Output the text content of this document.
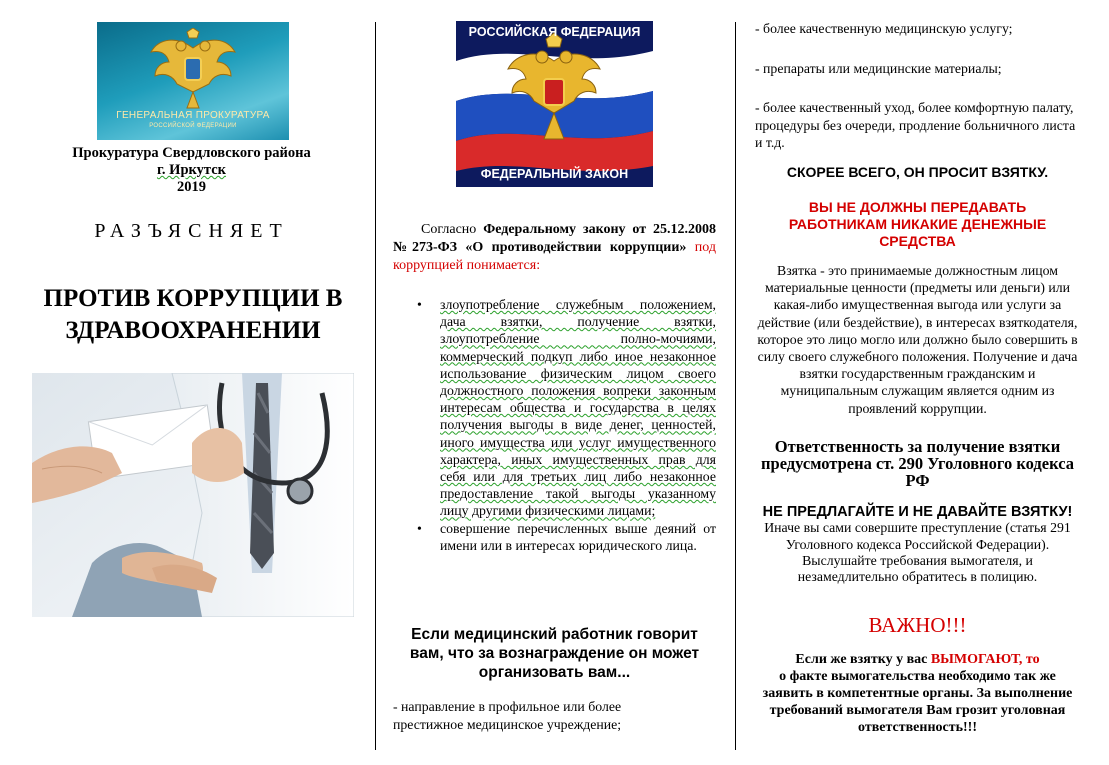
ГЕНЕРАЛЬНАЯ ПРОКУРАТУРА
РОССИЙСКОЙ ФЕДЕРАЦИИ
Прокуратура Свердловского района
г. Иркутск
2019
РАЗЪЯСНЯЕТ
ПРОТИВ КОРРУПЦИИ В ЗДРАВООХРАНЕНИИ
РОССИЙСКАЯ ФЕДЕРАЦИЯ
ФЕДЕРАЛЬНЫЙ ЗАКОН
Согласно Федеральному закону от 25.12.2008 №273-ФЗ «О противодействии коррупции» под коррупцией понимается:
• злоупотребление служебным положением, дача взятки, получение взятки, злоупотребление полно-мочиями, коммерческий подкуп либо иное незаконное использование физическим лицом своего должностного положения вопреки законным интересам общества и государства в целях получения выгоды в виде денег, ценностей, иного имущества или услуг имущественного характера, иных имущественных прав для себя или для третьих лиц либо незаконное предоставление такой выгоды указанному лицу другими физическими лицами;
• совершение перечисленных выше деяний от имени или в интересах юридического лица.
Если медицинский работник говорит вам, что за вознаграждение он может организовать вам...
- направление в профильное или более престижное медицинское учреждение;
- более качественную медицинскую услугу;
- препараты или медицинские материалы;
- более качественный уход, более комфортную палату, процедуры без очереди, продление больничного листа и т.д.
СКОРЕЕ ВСЕГО, ОН ПРОСИТ ВЗЯТКУ.
ВЫ НЕ ДОЛЖНЫ ПЕРЕДАВАТЬ РАБОТНИКАМ НИКАКИЕ ДЕНЕЖНЫЕ СРЕДСТВА
Взятка - это принимаемые должностным лицом материальные ценности (предметы или деньги) или какая-либо имущественная выгода или услуги за действие (или бездействие), в интересах взяткодателя, которое это лицо могло или должно было совершить в силу своего служебного положения. Получение и дача взятки государственным гражданским и муниципальным служащим является одним из проявлений коррупции.
Ответственность за получение взятки предусмотрена ст. 290 Уголовного кодекса РФ
НЕ ПРЕДЛАГАЙТЕ И НЕ ДАВАЙТЕ ВЗЯТКУ! Иначе вы сами совершите преступление (статья 291 Уголовного кодекса Российской Федерации). Выслушайте требования вымогателя, и незамедлительно обратитесь в полицию.
ВАЖНО!!!
Если же взятку у вас ВЫМОГАЮТ, то
о факте вымогательства необходимо так же заявить в компетентные органы. За выполнение требований вымогателя Вам грозит уголовная ответственность!!!
